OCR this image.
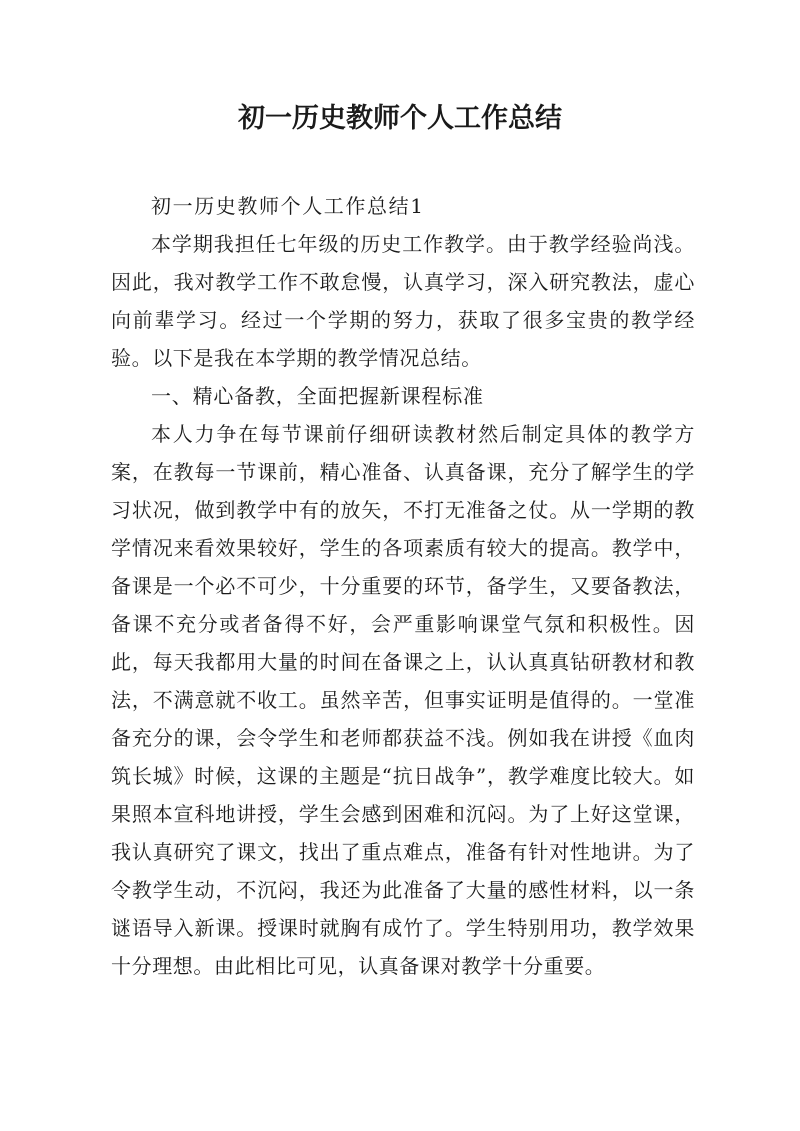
初一历史教师个人工作总结

初一历史教师个人工作总结1

本学期我担任七年级的历史工作教学。由于教学经验尚浅。因此，我对教学工作不敢怠慢，认真学习，深入研究教法，虚心向前辈学习。经过一个学期的努力，获取了很多宝贵的教学经验。以下是我在本学期的教学情况总结。

一、精心备教，全面把握新课程标准

本人力争在每节课前仔细研读教材然后制定具体的教学方案，在教每一节课前，精心准备、认真备课，充分了解学生的学习状况，做到教学中有的放矢，不打无准备之仗。从一学期的教学情况来看效果较好，学生的各项素质有较大的提高。教学中，备课是一个必不可少，十分重要的环节，备学生，又要备教法，备课不充分或者备得不好，会严重影响课堂气氛和积极性。因此，每天我都用大量的时间在备课之上，认认真真钻研教材和教法，不满意就不收工。虽然辛苦，但事实证明是值得的。一堂准备充分的课，会令学生和老师都获益不浅。例如我在讲授《血肉筑长城》时候，这课的主题是“抗日战争”，教学难度比较大。如果照本宣科地讲授，学生会感到困难和沉闷。为了上好这堂课，我认真研究了课文，找出了重点难点，准备有针对性地讲。为了令教学生动，不沉闷，我还为此准备了大量的感性材料，以一条谜语导入新课。授课时就胸有成竹了。学生特别用功，教学效果十分理想。由此相比可见，认真备课对教学十分重要。
